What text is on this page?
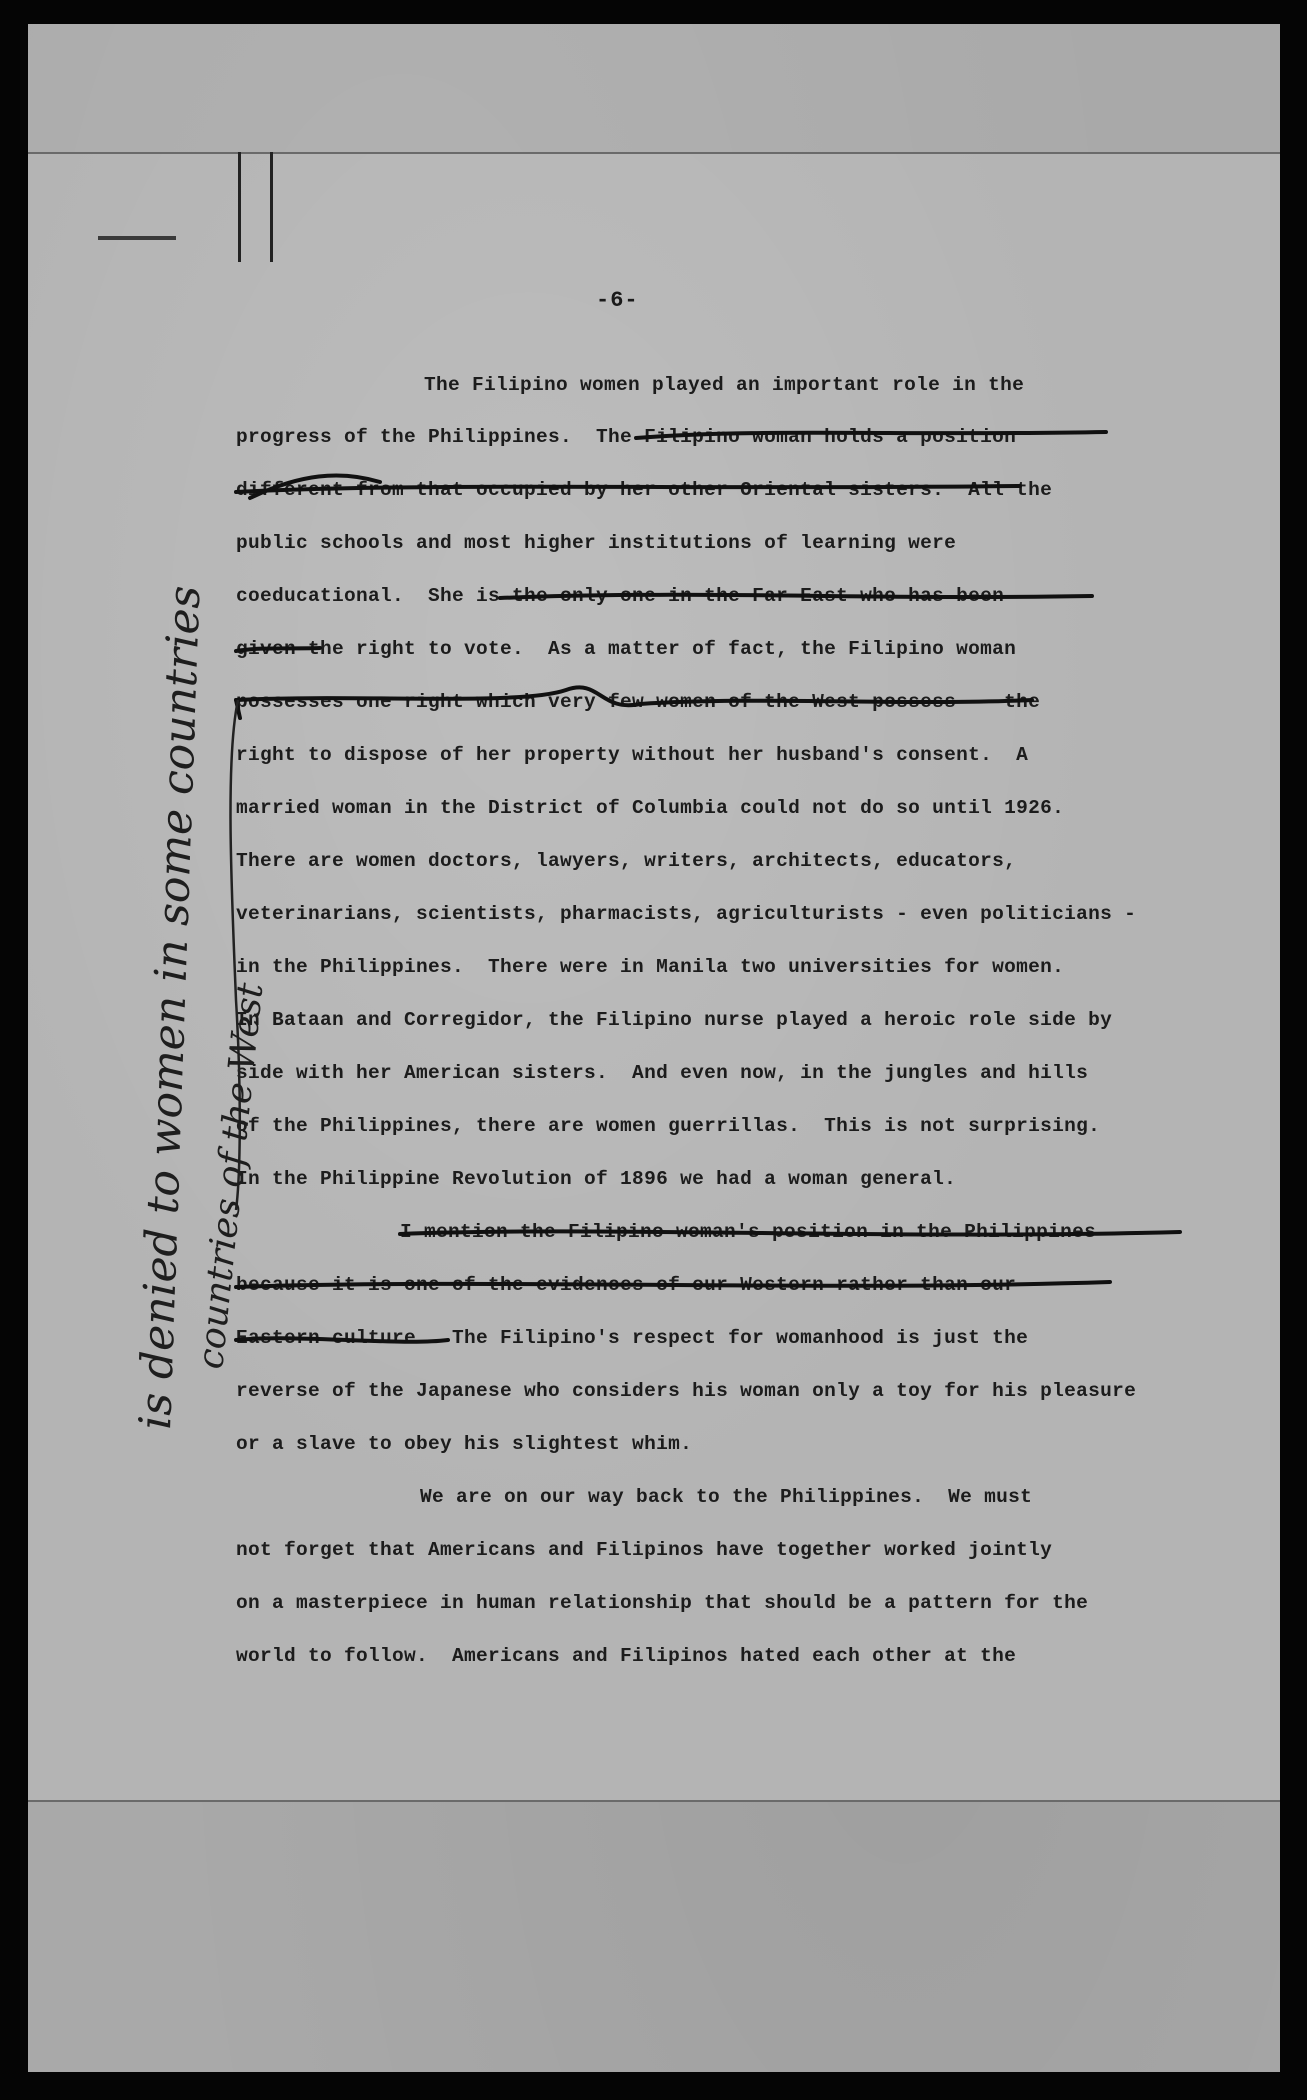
-6-

The Filipino women played an important role in the

progress of the Philippines.  The Filipino woman holds a position

different from that occupied by her other Oriental sisters.  All the

public schools and most higher institutions of learning were

coeducational.  She is the only one in the Far East who has been

given the right to vote.  As a matter of fact, the Filipino woman

possesses one right which very few women of the West possess -- the

right to dispose of her property without her husband's consent.  A

married woman in the District of Columbia could not do so until 1926.

There are women doctors, lawyers, writers, architects, educators,

veterinarians, scientists, pharmacists, agriculturists - even politicians -

in the Philippines.  There were in Manila two universities for women.

In Bataan and Corregidor, the Filipino nurse played a heroic role side by

side with her American sisters.  And even now, in the jungles and hills

of the Philippines, there are women guerrillas.  This is not surprising.

In the Philippine Revolution of 1896 we had a woman general.

I mention the Filipino woman's position in the Philippines

because it is one of the evidences of our Western rather than our

Eastern culture.  The Filipino's respect for womanhood is just the

reverse of the Japanese who considers his woman only a toy for his pleasure

or a slave to obey his slightest whim.

We are on our way back to the Philippines.  We must

not forget that Americans and Filipinos have together worked jointly

on a masterpiece in human relationship that should be a pattern for the

world to follow.  Americans and Filipinos hated each other at the

is denied to women in some countries
countries of the West
